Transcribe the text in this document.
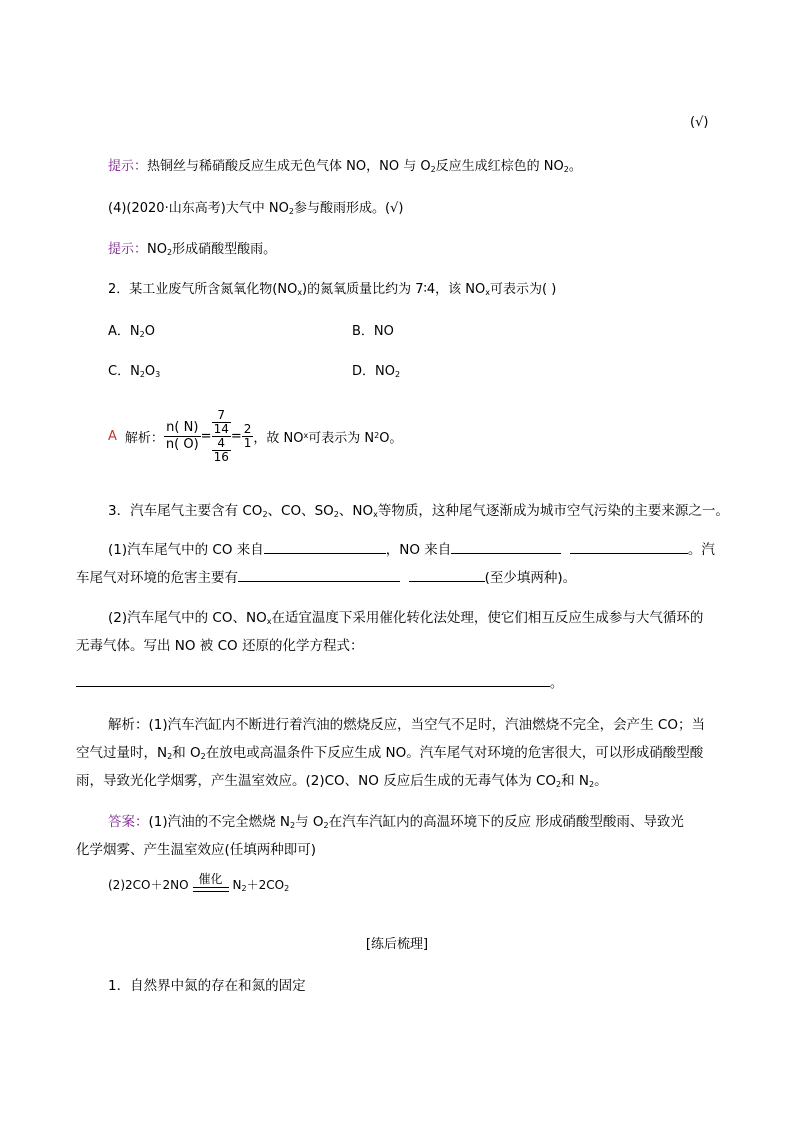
(√)
提示：热铜丝与稀硝酸反应生成无色气体 NO，NO 与 $O_2$反应生成红棕色的 $NO_2$。
(4)(2020·山东高考)大气中 $NO_2$参与酸雨形成。(√)
提示：$NO_2$形成硝酸型酸雨。
2．某工业废气所含氮氧化物$(NO_x)$的氮氧质量比约为 7∶4，该 $NO_x$可表示为( )
A．$N_2O$	B．NO
C．$N_2O_3$	D．$NO_2$
A 解析： $\frac{n( N)}{n( O)} = \frac{\frac{7}{14}}{\frac{4}{16}} = \frac{2}{1}$ ，故 NO x 可表示为 N 2 O。
3．汽车尾气主要含有 $CO_2$、CO、$SO_2$、$NO_x$等物质，这种尾气逐渐成为城市空气污染的主要来源之一。
(1)汽车尾气中的 CO 来自	，NO 来自	。汽
车尾气对环境的危害主要有	(至少填两种)。
(2)汽车尾气中的 CO、$NO_x$在适宜温度下采用催化转化法处理，使它们相互反应生成参与大气循环的
无毒气体。写出 NO 被 CO 还原的化学方程式：
。
解析：(1)汽车汽缸内不断进行着汽油的燃烧反应，当空气不足时，汽油燃烧不完全，会产生 CO；当
空气过量时，$N_2$和 $O_2$在放电或高温条件下反应生成 NO。汽车尾气对环境的危害很大，可以形成硝酸型酸
雨，导致光化学烟雾，产生温室效应。(2)CO、NO 反应后生成的无毒气体为 $CO_2$和 $N_2$。
答案：(1)汽油的不完全燃烧 $N_2$与 $O_2$在汽车汽缸内的高温环境下的反应 形成硝酸型酸雨、导致光
化学烟雾、产生温室效应(任填两种即可)
(2)2CO＋2NO 催化 $N_2+2CO_2$
[练后梳理]
1．自然界中氮的存在和氮的固定
